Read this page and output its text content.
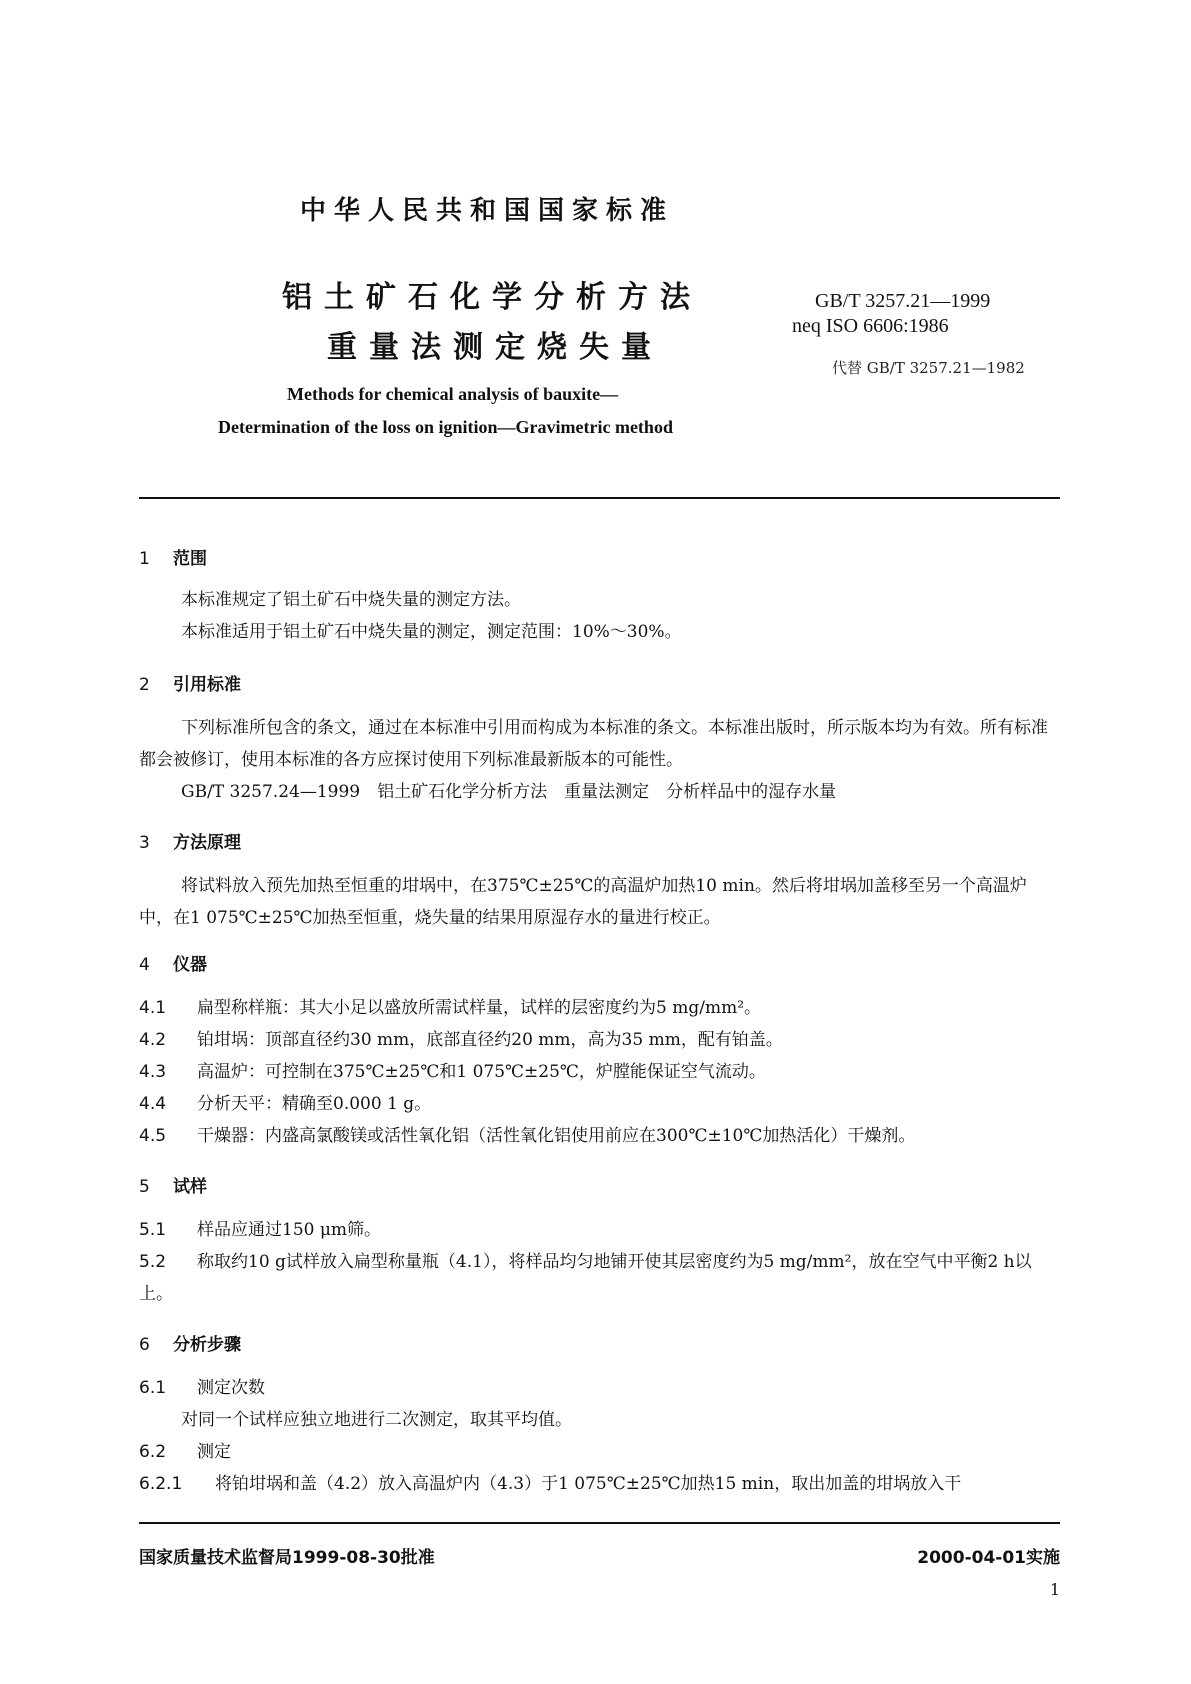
中华人民共和国国家标准
铝土矿石化学分析方法
重量法测定烧失量
GB/T 3257.21—1999
neq ISO 6606:1986
代替 GB/T 3257.21—1982
Methods for chemical analysis of bauxite—
Determination of the loss on ignition—Gravimetric method
1 范围
本标准规定了铝土矿石中烧失量的测定方法。
本标准适用于铝土矿石中烧失量的测定，测定范围：10%～30%。
2 引用标准
下列标准所包含的条文，通过在本标准中引用而构成为本标准的条文。本标准出版时，所示版本均为有效。所有标准都会被修订，使用本标准的各方应探讨使用下列标准最新版本的可能性。
GB/T 3257.24—1999　铝土矿石化学分析方法　重量法测定　分析样品中的湿存水量
3 方法原理
将试料放入预先加热至恒重的坩埚中，在375℃±25℃的高温炉加热10 min。然后将坩埚加盖移至另一个高温炉中，在1 075℃±25℃加热至恒重，烧失量的结果用原湿存水的量进行校正。
4 仪器
4.1 扁型称样瓶：其大小足以盛放所需试样量，试样的层密度约为5 mg/mm²。
4.2 铂坩埚：顶部直径约30 mm，底部直径约20 mm，高为35 mm，配有铂盖。
4.3 高温炉：可控制在375℃±25℃和1 075℃±25℃，炉膛能保证空气流动。
4.4 分析天平：精确至0.000 1 g。
4.5 干燥器：内盛高氯酸镁或活性氧化铝（活性氧化铝使用前应在300℃±10℃加热活化）干燥剂。
5 试样
5.1 样品应通过150 μm筛。
5.2 称取约10 g试样放入扁型称量瓶（4.1），将样品均匀地铺开使其层密度约为5 mg/mm²，放在空气中平衡2 h以上。
6 分析步骤
6.1 测定次数
对同一个试样应独立地进行二次测定，取其平均值。
6.2 测定
6.2.1 将铂坩埚和盖（4.2）放入高温炉内（4.3）于1 075℃±25℃加热15 min，取出加盖的坩埚放入干
国家质量技术监督局1999-08-30批准	2000-04-01实施
1
